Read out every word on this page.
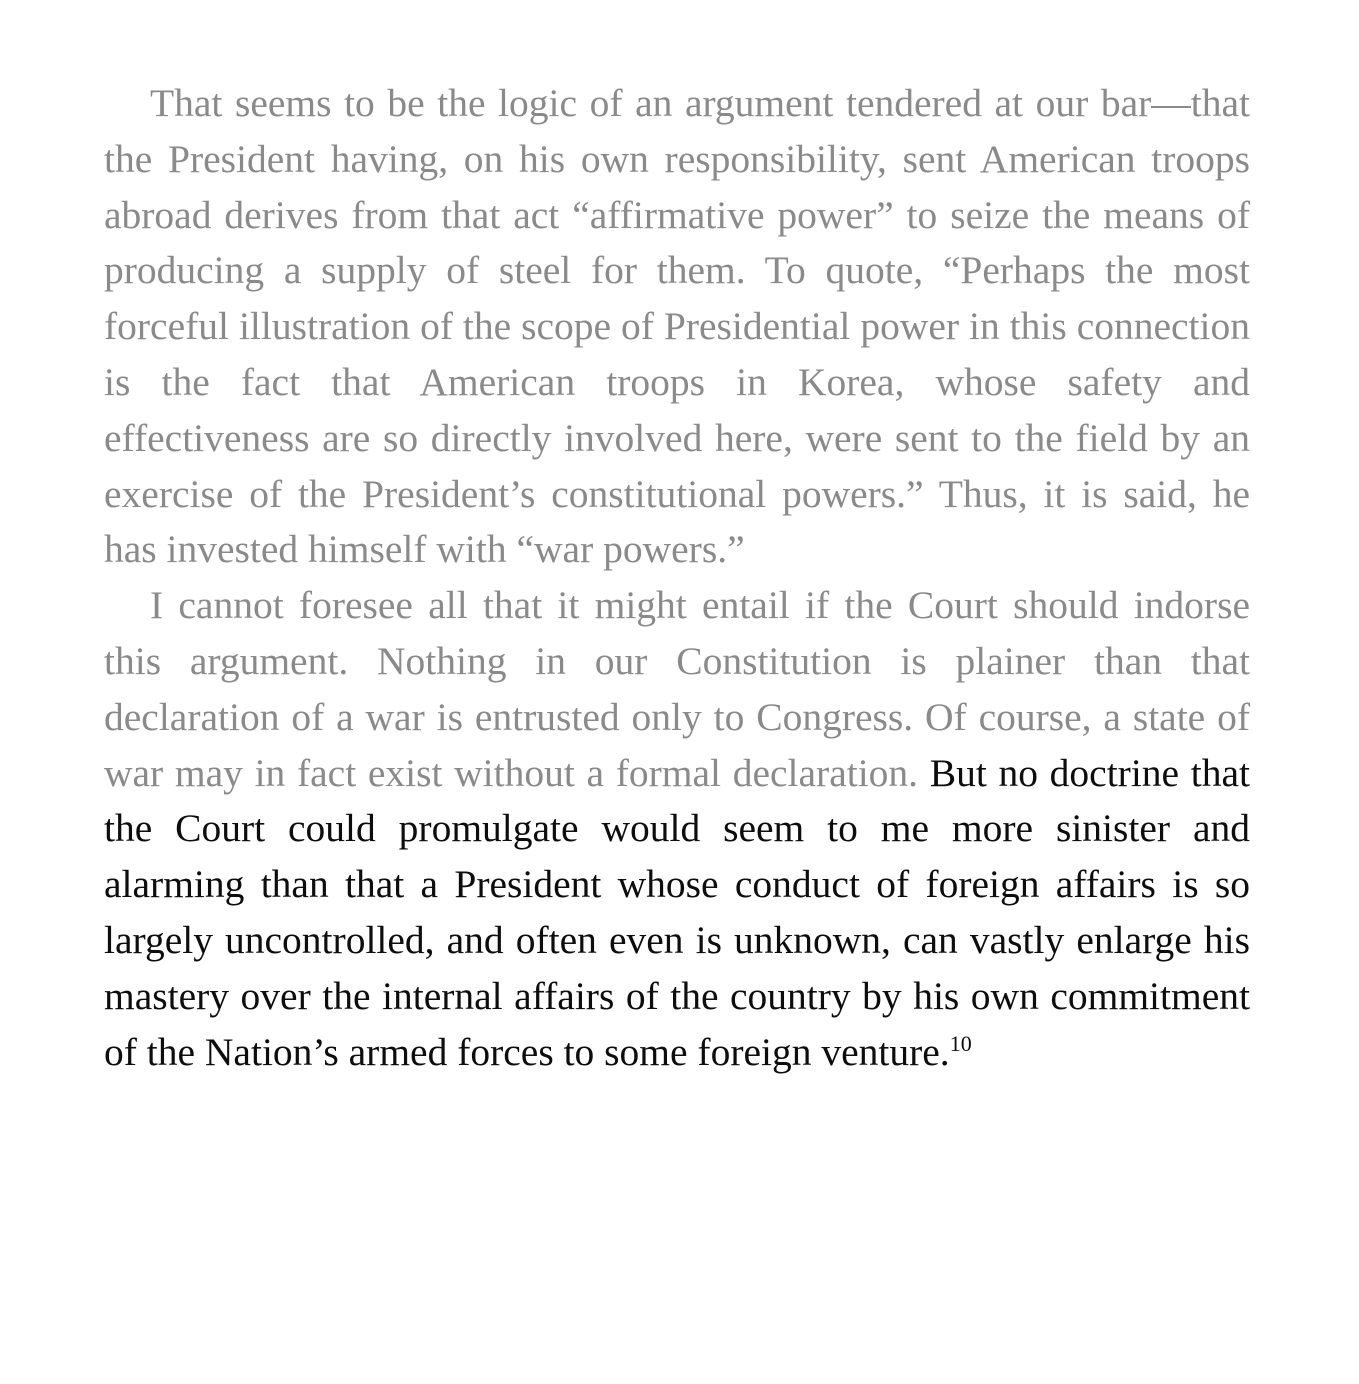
That seems to be the logic of an argument tendered at our bar—that the President having, on his own responsibility, sent American troops abroad derives from that act “affirmative power” to seize the means of producing a supply of steel for them. To quote, “Perhaps the most forceful illustration of the scope of Presidential power in this connection is the fact that American troops in Korea, whose safety and effectiveness are so directly involved here, were sent to the field by an exercise of the President’s constitutional powers.” Thus, it is said, he has invested himself with “war powers.”

I cannot foresee all that it might entail if the Court should indorse this argument. Nothing in our Constitution is plainer than that declaration of a war is entrusted only to Congress. Of course, a state of war may in fact exist without a formal declaration. But no doctrine that the Court could promulgate would seem to me more sinister and alarming than that a President whose conduct of foreign affairs is so largely uncontrolled, and often even is unknown, can vastly enlarge his mastery over the internal affairs of the country by his own commitment of the Nation’s armed forces to some foreign venture.$^{10}$
